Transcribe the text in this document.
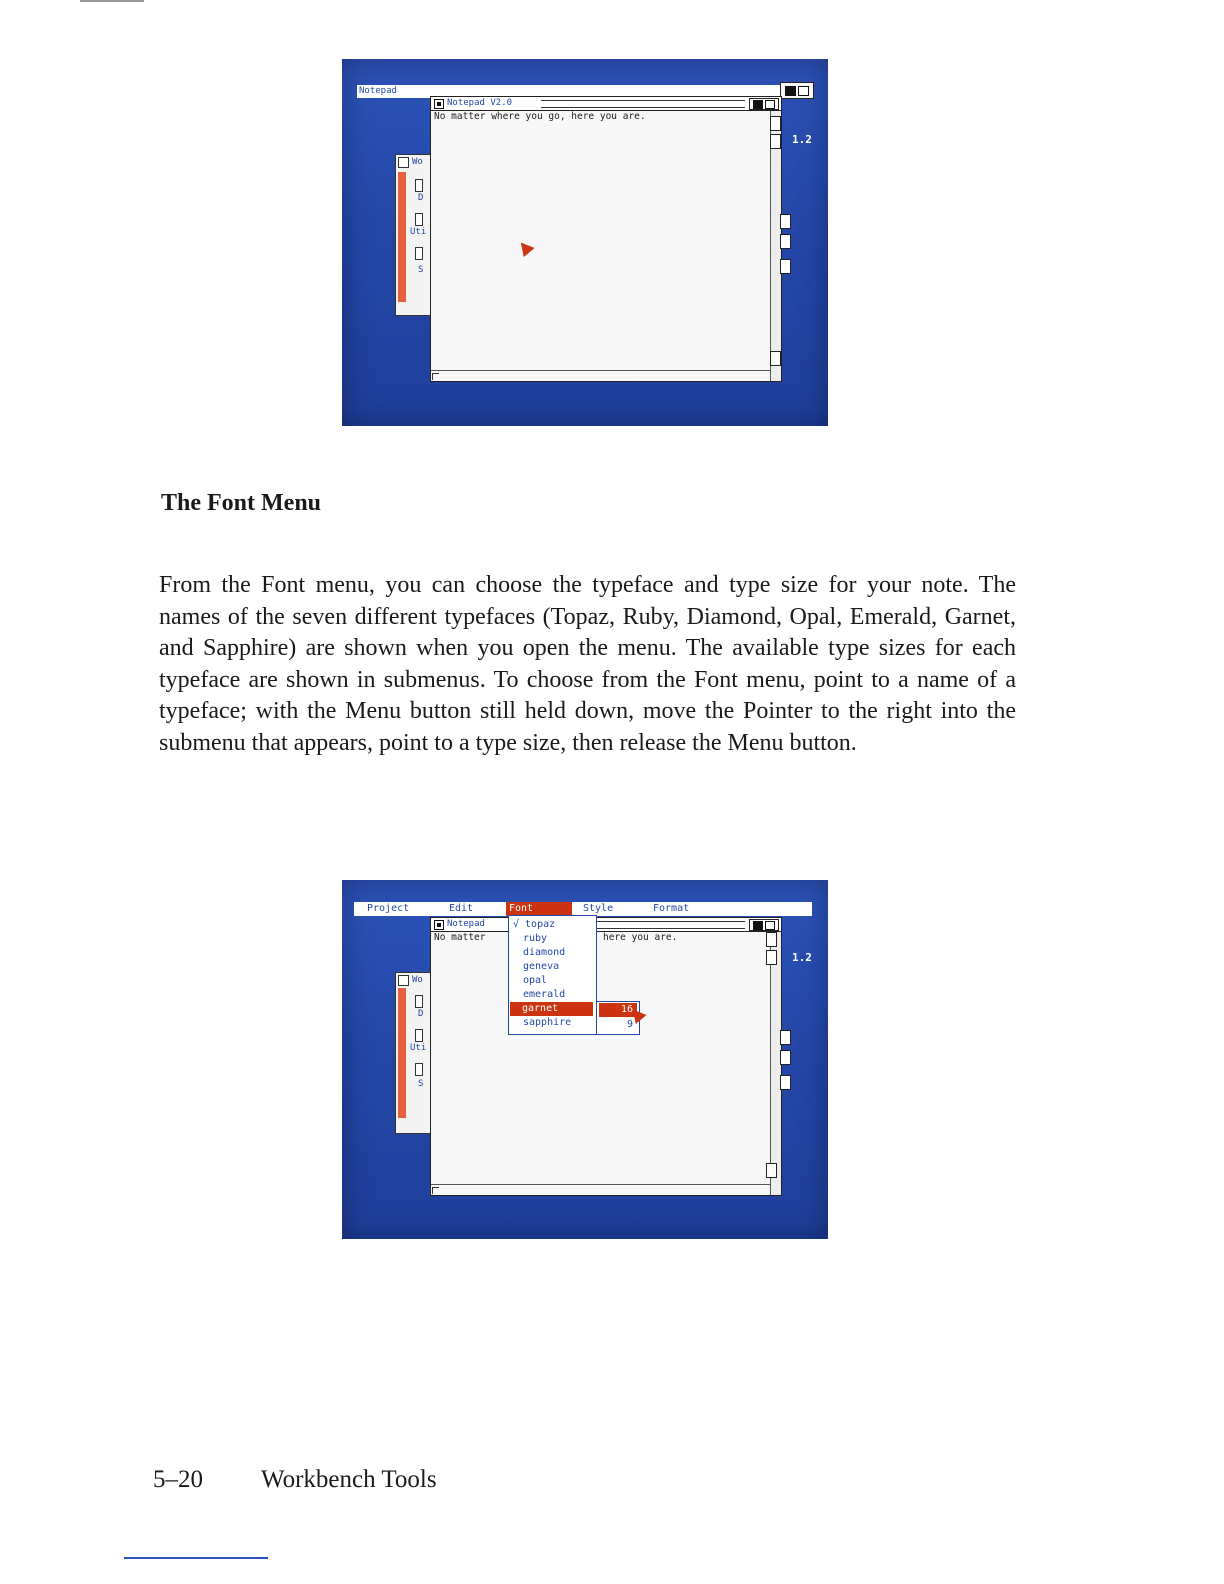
Notepad
Wo
D
Uti
S
Notepad V2.0
No matter where you go, here you are.
1.2
The Font Menu

From the Font menu, you can choose the typeface and type size for your note. The names of the seven different typefaces (Topaz, Ruby, Diamond, Opal, Emerald, Garnet, and Sapphire) are shown when you open the menu. The available type sizes for each typeface are shown in submenus. To choose from the Font menu, point to a name of a typeface; with the Menu button still held down, move the Pointer to the right into the submenu that appears, point to a type size, then release the Menu button.

Project	Edit	Font	Style	Format
Wo
D
Uti
S
Notepad
No matter	here you are.
1.2
√ topaz
ruby
diamond
geneva
opal
emerald
garnet
sapphire
16
9
5–20 Workbench Tools
